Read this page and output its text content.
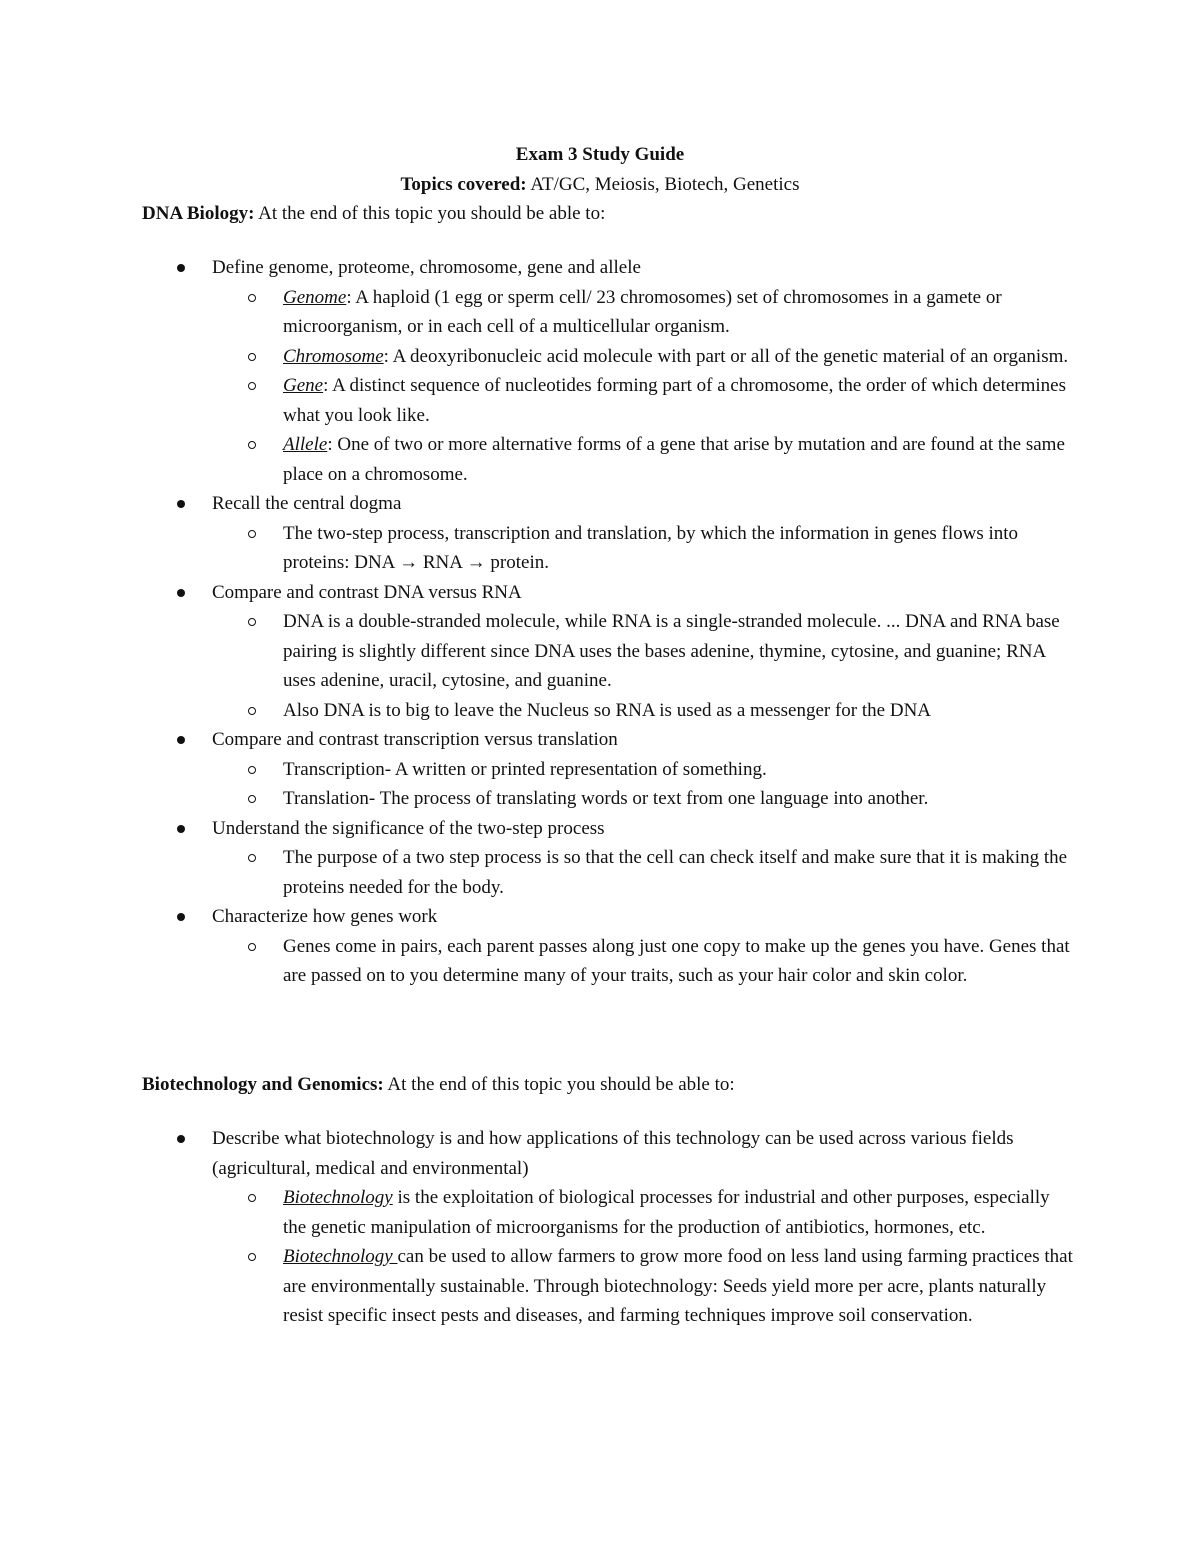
Exam 3 Study Guide
Topics covered: AT/GC, Meiosis, Biotech, Genetics
DNA Biology: At the end of this topic you should be able to:
Define genome, proteome, chromosome, gene and allele
Genome: A haploid (1 egg or sperm cell/ 23 chromosomes) set of chromosomes in a gamete or microorganism, or in each cell of a multicellular organism.
Chromosome: A deoxyribonucleic acid molecule with part or all of the genetic material of an organism.
Gene: A distinct sequence of nucleotides forming part of a chromosome, the order of which determines what you look like.
Allele: One of two or more alternative forms of a gene that arise by mutation and are found at the same place on a chromosome.
Recall the central dogma
The two-step process, transcription and translation, by which the information in genes flows into proteins: DNA → RNA → protein.
Compare and contrast DNA versus RNA
DNA is a double-stranded molecule, while RNA is a single-stranded molecule. ... DNA and RNA base pairing is slightly different since DNA uses the bases adenine, thymine, cytosine, and guanine; RNA uses adenine, uracil, cytosine, and guanine.
Also DNA is to big to leave the Nucleus so RNA is used as a messenger for the DNA
Compare and contrast transcription versus translation
Transcription- A written or printed representation of something.
Translation- The process of translating words or text from one language into another.
Understand the significance of the two-step process
The purpose of a two step process is so that the cell can check itself and make sure that it is making the proteins needed for the body.
Characterize how genes work
Genes come in pairs, each parent passes along just one copy to make up the genes you have. Genes that are passed on to you determine many of your traits, such as your hair color and skin color.
Biotechnology and Genomics: At the end of this topic you should be able to:
Describe what biotechnology is and how applications of this technology can be used across various fields (agricultural, medical and environmental)
Biotechnology is the exploitation of biological processes for industrial and other purposes, especially the genetic manipulation of microorganisms for the production of antibiotics, hormones, etc.
Biotechnology can be used to allow farmers to grow more food on less land using farming practices that are environmentally sustainable. Through biotechnology: Seeds yield more per acre, plants naturally resist specific insect pests and diseases, and farming techniques improve soil conservation.
